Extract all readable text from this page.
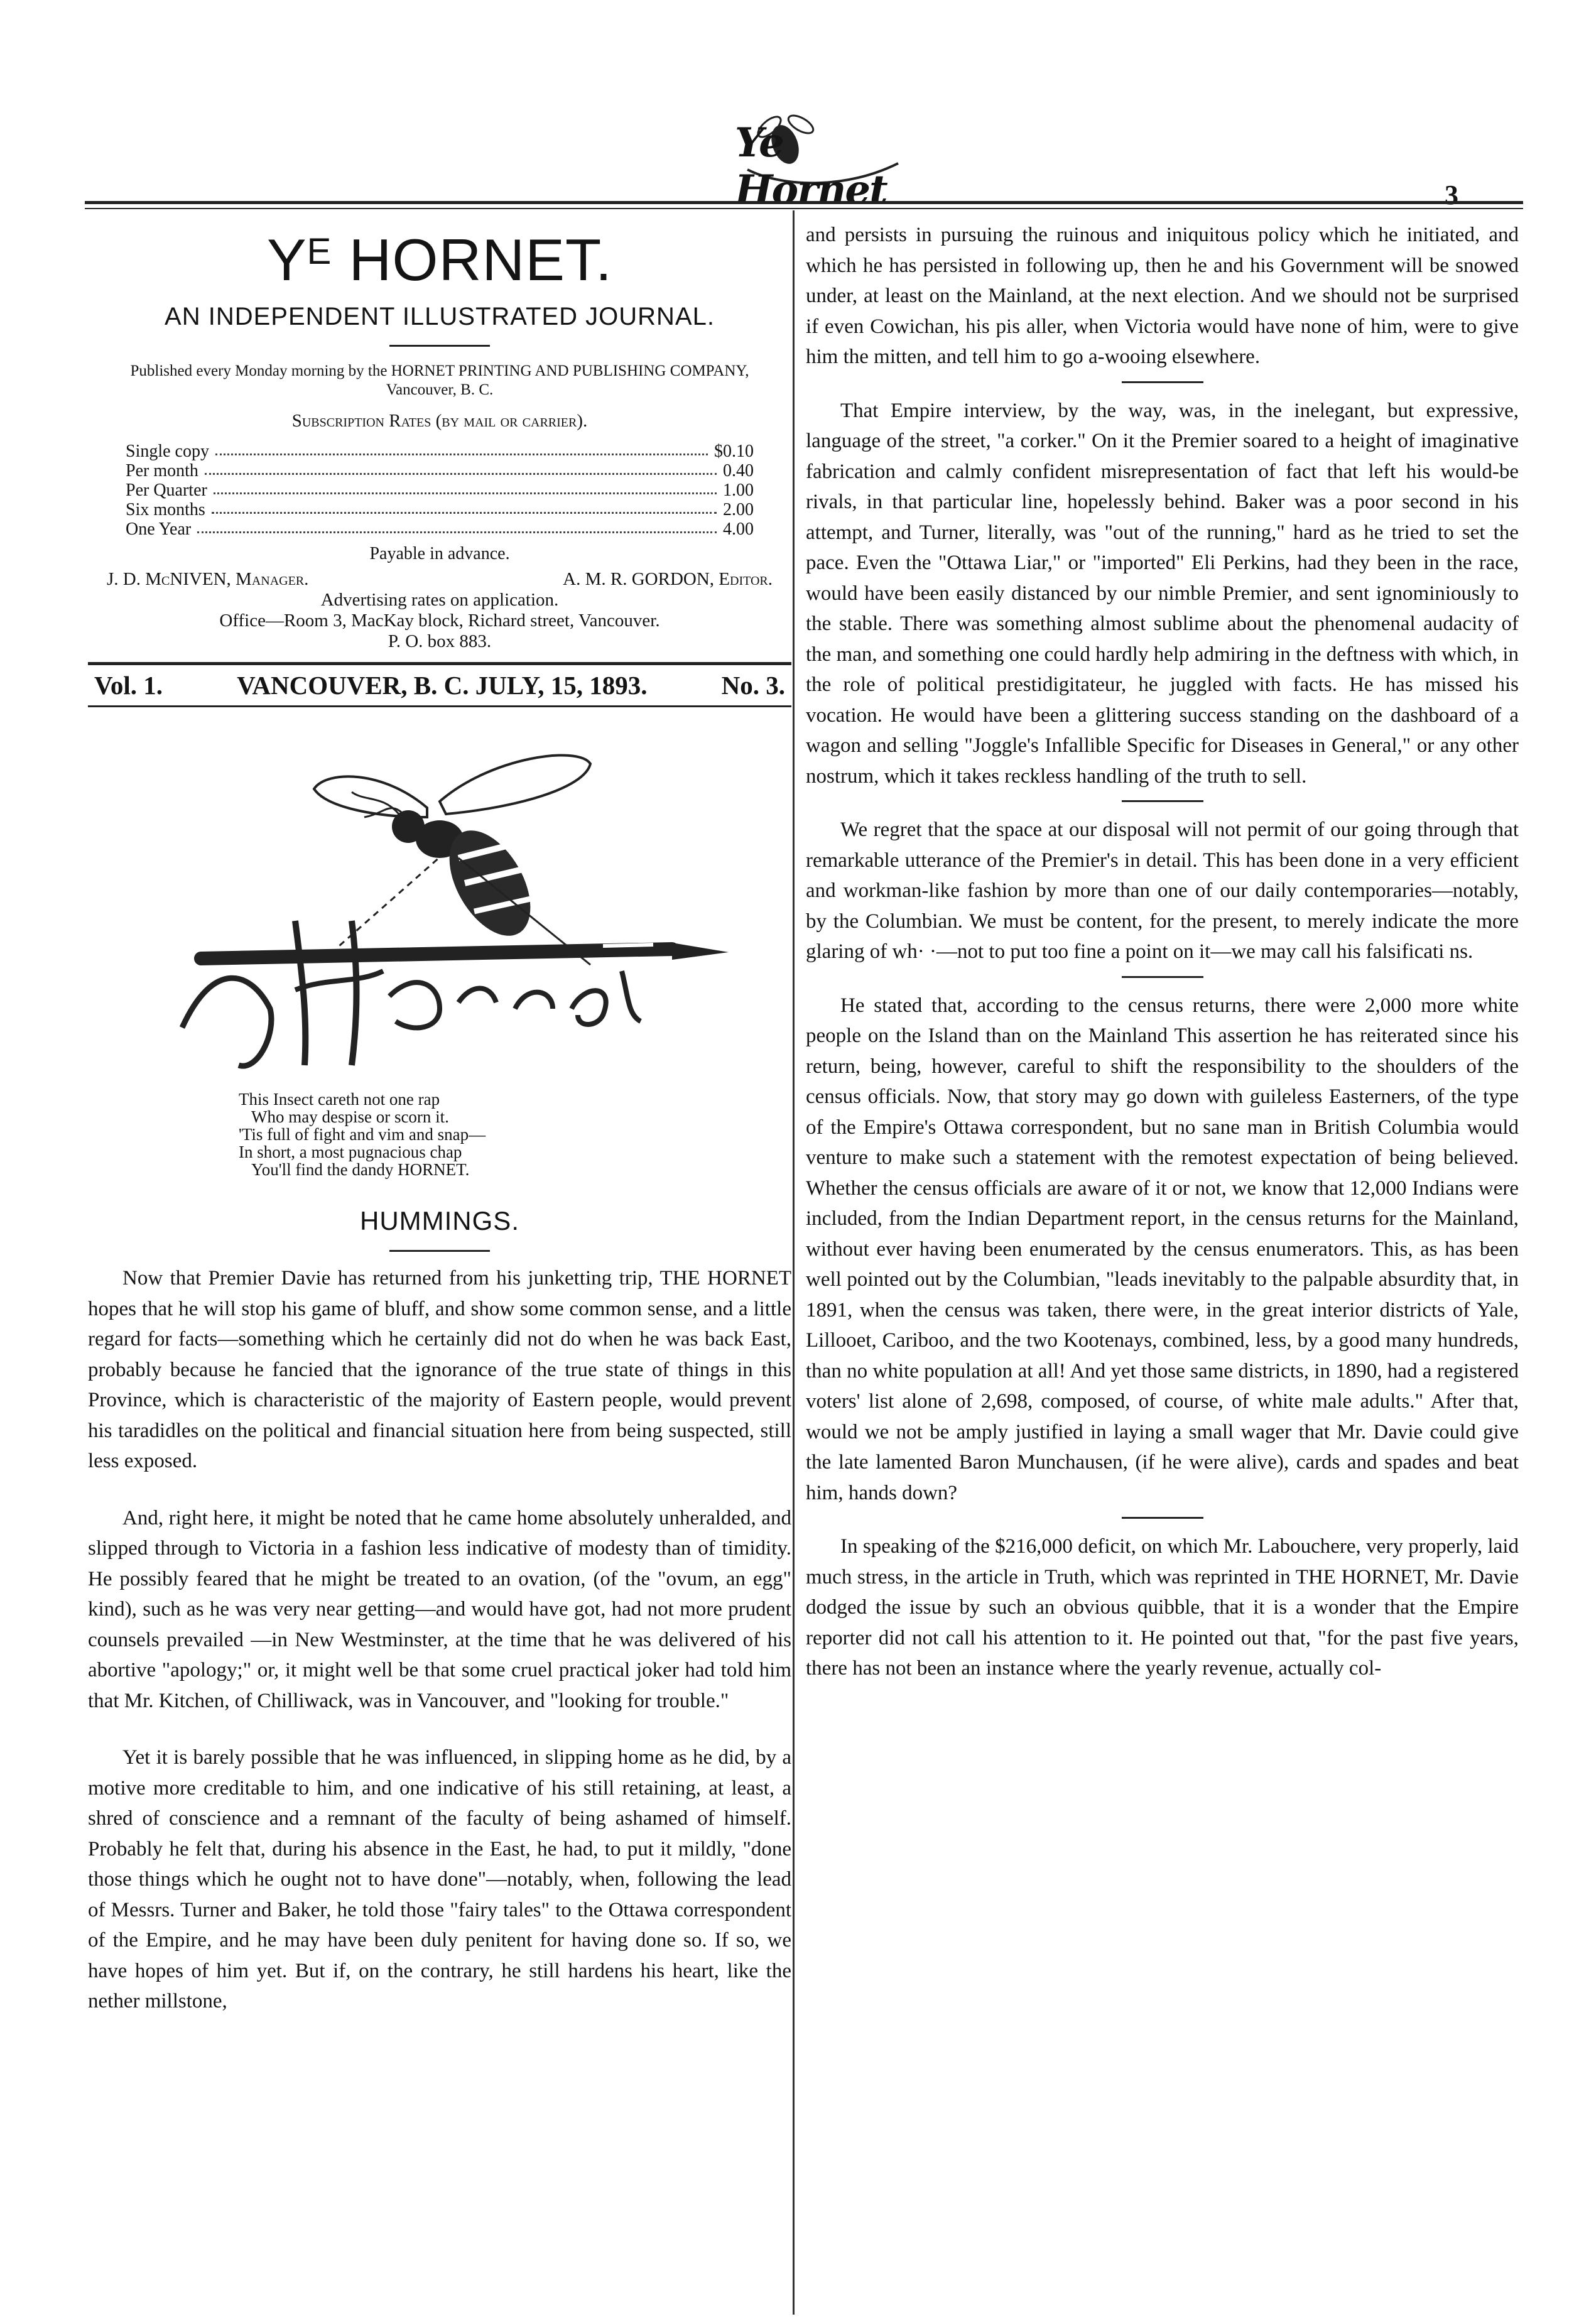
Ye Hornet	3
$Y^E$ HORNET.
AN INDEPENDENT ILLUSTRATED JOURNAL.
Published every Monday morning by the HORNET PRINTING AND PUBLISHING COMPANY, Vancouver, B. C.
Subscription Rates (by mail or carrier).
Single copy	$0.10
Per month	0.40
Per Quarter	1.00
Six months	2.00
One Year	4.00
Payable in advance.
J. D. McNIVEN, Manager.	A. M. R. GORDON, Editor.
Advertising rates on application.
Office—Room 3, MacKay block, Richard street, Vancouver.
P. O. box 883.
Vol. 1.	VANCOUVER, B. C. JULY, 15, 1893.	No. 3.
This Insect careth not one rap
Who may despise or scorn it.
'Tis full of fight and vim and snap—
In short, a most pugnacious chap
You'll find the dandy HORNET.
HUMMINGS.

Now that Premier Davie has returned from his junketting trip, THE HORNET hopes that he will stop his game of bluff, and show some common sense, and a little regard for facts—something which he certainly did not do when he was back East, probably because he fancied that the ignorance of the true state of things in this Province, which is characteristic of the majority of Eastern people, would prevent his taradidles on the political and financial situation here from being suspected, still less exposed.

And, right here, it might be noted that he came home absolutely unheralded, and slipped through to Victoria in a fashion less indicative of modesty than of timidity. He possibly feared that he might be treated to an ovation, (of the "ovum, an egg" kind), such as he was very near getting—and would have got, had not more prudent counsels prevailed —in New Westminster, at the time that he was delivered of his abortive "apology;" or, it might well be that some cruel practical joker had told him that Mr. Kitchen, of Chilliwack, was in Vancouver, and "looking for trouble."

Yet it is barely possible that he was influenced, in slipping home as he did, by a motive more creditable to him, and one indicative of his still retaining, at least, a shred of conscience and a remnant of the faculty of being ashamed of himself. Probably he felt that, during his absence in the East, he had, to put it mildly, "done those things which he ought not to have done"—notably, when, following the lead of Messrs. Turner and Baker, he told those "fairy tales" to the Ottawa correspondent of the Empire, and he may have been duly penitent for having done so. If so, we have hopes of him yet. But if, on the contrary, he still hardens his heart, like the nether millstone,

and persists in pursuing the ruinous and iniquitous policy which he initiated, and which he has persisted in following up, then he and his Government will be snowed under, at least on the Mainland, at the next election. And we should not be surprised if even Cowichan, his pis aller, when Victoria would have none of him, were to give him the mitten, and tell him to go a-wooing elsewhere.

That Empire interview, by the way, was, in the inelegant, but expressive, language of the street, "a corker." On it the Premier soared to a height of imaginative fabrication and calmly confident misrepresentation of fact that left his would-be rivals, in that particular line, hopelessly behind. Baker was a poor second in his attempt, and Turner, literally, was "out of the running," hard as he tried to set the pace. Even the "Ottawa Liar," or "imported" Eli Perkins, had they been in the race, would have been easily distanced by our nimble Premier, and sent ignominiously to the stable. There was something almost sublime about the phenomenal audacity of the man, and something one could hardly help admiring in the deftness with which, in the role of political prestidigitateur, he juggled with facts. He has missed his vocation. He would have been a glittering success standing on the dashboard of a wagon and selling "Joggle's Infallible Specific for Diseases in General," or any other nostrum, which it takes reckless handling of the truth to sell.

We regret that the space at our disposal will not permit of our going through that remarkable utterance of the Premier's in detail. This has been done in a very efficient and workman-like fashion by more than one of our daily contemporaries—notably, by the Columbian. We must be content, for the present, to merely indicate the more glaring of wh· ·—not to put too fine a point on it—we may call his falsificati ns.

He stated that, according to the census returns, there were 2,000 more white people on the Island than on the Mainland This assertion he has reiterated since his return, being, however, careful to shift the responsibility to the shoulders of the census officials. Now, that story may go down with guileless Easterners, of the type of the Empire's Ottawa correspondent, but no sane man in British Columbia would venture to make such a statement with the remotest expectation of being believed. Whether the census officials are aware of it or not, we know that 12,000 Indians were included, from the Indian Department report, in the census returns for the Mainland, without ever having been enumerated by the census enumerators. This, as has been well pointed out by the Columbian, "leads inevitably to the palpable absurdity that, in 1891, when the census was taken, there were, in the great interior districts of Yale, Lillooet, Cariboo, and the two Kootenays, combined, less, by a good many hundreds, than no white population at all! And yet those same districts, in 1890, had a registered voters' list alone of 2,698, composed, of course, of white male adults." After that, would we not be amply justified in laying a small wager that Mr. Davie could give the late lamented Baron Munchausen, (if he were alive), cards and spades and beat him, hands down?

In speaking of the $216,000 deficit, on which Mr. Labouchere, very properly, laid much stress, in the article in Truth, which was reprinted in THE HORNET, Mr. Davie dodged the issue by such an obvious quibble, that it is a wonder that the Empire reporter did not call his attention to it. He pointed out that, "for the past five years, there has not been an instance where the yearly revenue, actually col-
